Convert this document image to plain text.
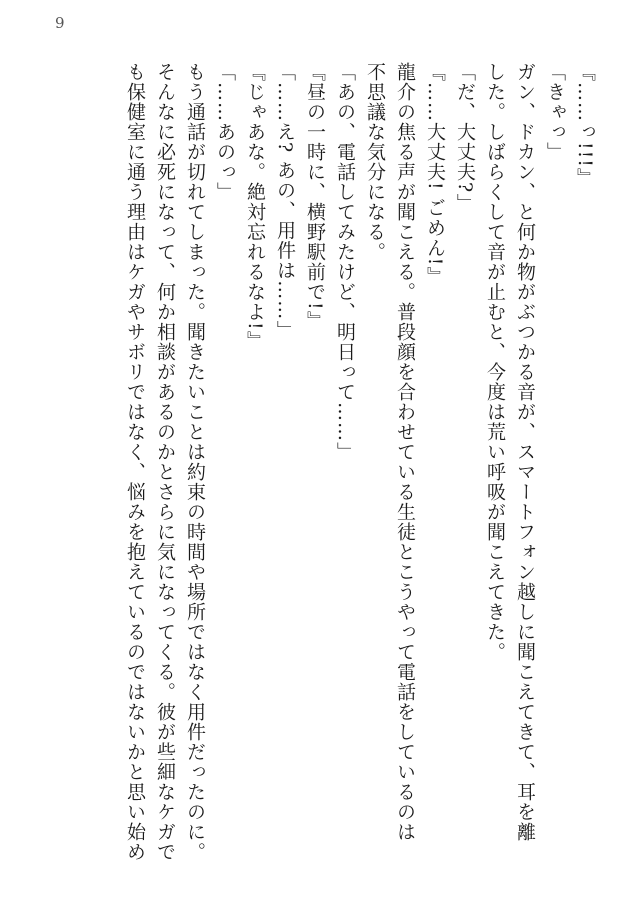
9
『……っ!!!』
「きゃっ」
ガン、ドカン、と何か物がぶつかる音が、スマートフォン越しに聞こえてきて、耳を離
した。しばらくして音が止むと、今度は荒い呼吸が聞こえてきた。
「だ、大丈夫?」
『……大丈夫! ごめん!』
龍介の焦る声が聞こえる。普段顔を合わせている生徒とこうやって電話をしているのは
不思議な気分になる。
「あの、電話してみたけど、明日って……」
『昼の一時に、横野駅前で!』
「……え? あの、用件は……」
『じゃあな。絶対忘れるなよ!』
「……あのっ」
もう通話が切れてしまった。聞きたいことは約束の時間や場所ではなく用件だったのに。
そんなに必死になって、何か相談があるのかとさらに気になってくる。彼が些細なケガで
も保健室に通う理由はケガやサボリではなく、悩みを抱えているのではないかと思い始め
